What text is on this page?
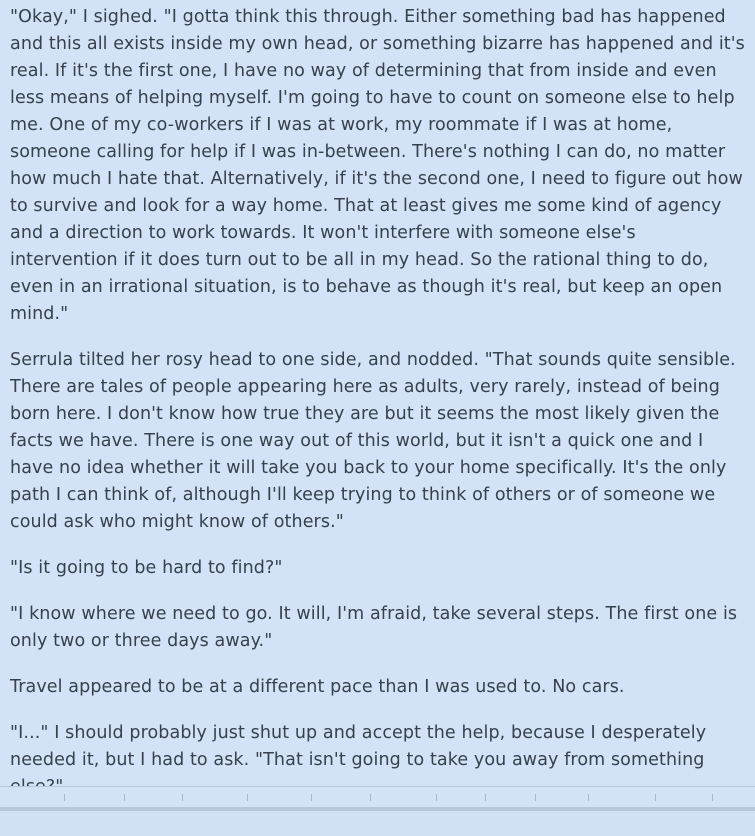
"Okay," I sighed. "I gotta think this through. Either something bad has happened and this all exists inside my own head, or something bizarre has happened and it's real. If it's the first one, I have no way of determining that from inside and even less means of helping myself. I'm going to have to count on someone else to help me. One of my co-workers if I was at work, my roommate if I was at home, someone calling for help if I was in-between. There's nothing I can do, no matter how much I hate that. Alternatively, if it's the second one, I need to figure out how to survive and look for a way home. That at least gives me some kind of agency and a direction to work towards. It won't interfere with someone else's intervention if it does turn out to be all in my head. So the rational thing to do, even in an irrational situation, is to behave as though it's real, but keep an open mind."

Serrula tilted her rosy head to one side, and nodded. "That sounds quite sensible. There are tales of people appearing here as adults, very rarely, instead of being born here. I don't know how true they are but it seems the most likely given the facts we have. There is one way out of this world, but it isn't a quick one and I have no idea whether it will take you back to your home specifically. It's the only path I can think of, although I'll keep trying to think of others or of someone we could ask who might know of others."

"Is it going to be hard to find?"

"I know where we need to go. It will, I'm afraid, take several steps. The first one is only two or three days away."

Travel appeared to be at a different pace than I was used to. No cars.

"I..." I should probably just shut up and accept the help, because I desperately needed it, but I had to ask. "That isn't going to take you away from something
